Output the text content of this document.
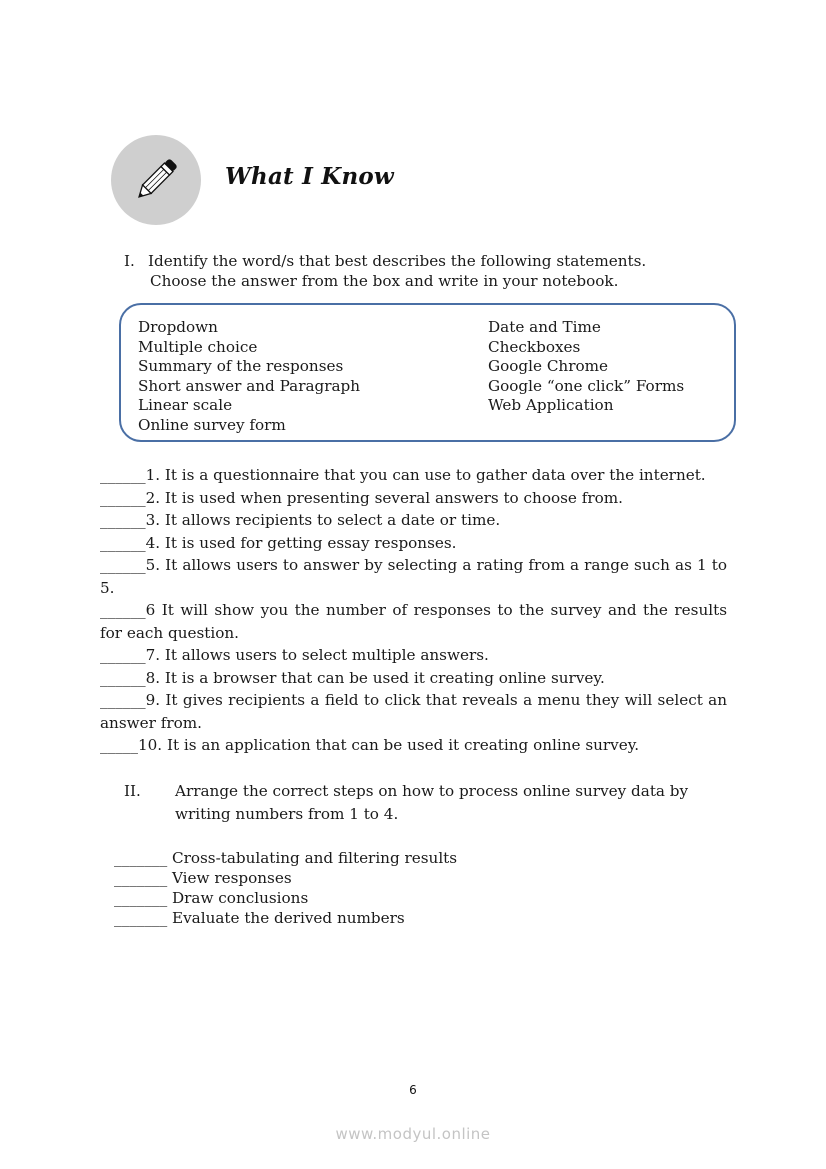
What I Know
I. Identify the word/s that best describes the following statements.
Choose the answer from the box and write in your notebook.
Dropdown
Multiple choice
Summary of the responses
Short answer and Paragraph
Linear scale
Online survey form
Date and Time
Checkboxes
Google Chrome
Google “one click” Forms
Web Application
______1. It is a questionnaire that you can use to gather data over the internet.
______2. It is used when presenting several answers to choose from.
______3. It allows recipients to select a date or time.
______4. It is used for getting essay responses.
______5. It allows users to answer by selecting a rating from a range such as 1 to 5.
______6 It will show you the number of responses to the survey and the results for each question.
______7. It allows users to select multiple answers.
______8. It is a browser that can be used it creating online survey.
______9. It gives recipients a field to click that reveals a menu they will select an answer from.
_____10. It is an application that can be used it creating online survey.
II. Arrange the correct steps on how to process online survey data by
writing numbers from 1 to 4.
_______ Cross-tabulating and filtering results
_______ View responses
_______ Draw conclusions
_______ Evaluate the derived numbers
6
www.modyul.online
